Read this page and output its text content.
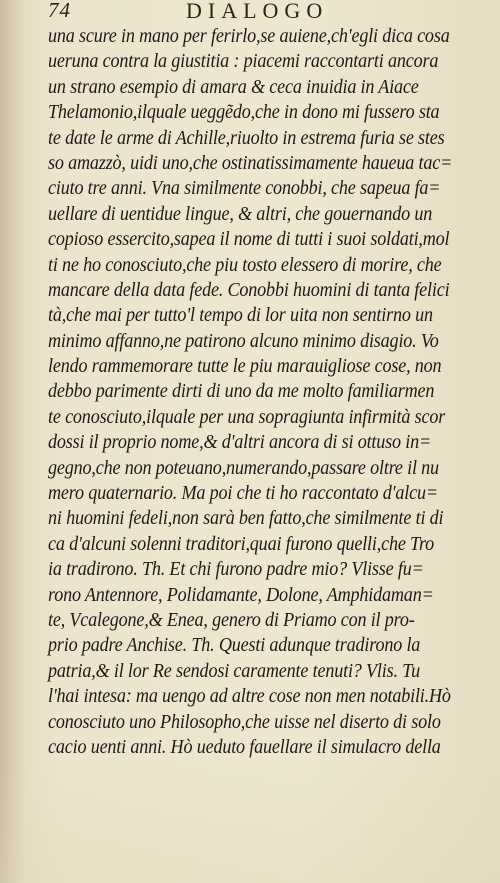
74	DIALOGO
una scure in mano per ferirlo,se auiene,ch'egli dica cosa
ueruna contra la giustitia : piacemi raccontarti ancora
un strano esempio di amara & ceca inuidia in Aiace
Thelamonio,ilquale ueggẽdo,che in dono mi fussero sta
te date le arme di Achille,riuolto in estrema furia se stes
so amazzò, uidi uno,che ostinatissimamente haueua tac=
ciuto tre anni. Vna similmente conobbi, che sapeua fa=
uellare di uentidue lingue, & altri, che gouernando un
copioso essercito,sapea il nome di tutti i suoi soldati,mol
ti ne ho conosciuto,che piu tosto elessero di morire, che
mancare della data fede. Conobbi huomini di tanta felici
tà,che mai per tutto'l tempo di lor uita non sentirno un
minimo affanno,ne patirono alcuno minimo disagio. Vo
lendo rammemorare tutte le piu marauigliose cose, non
debbo parimente dirti di uno da me molto familiarmen
te conosciuto,ilquale per una sopragiunta infirmità scor
dossi il proprio nome,& d'altri ancora di si ottuso in=
gegno,che non poteuano,numerando,passare oltre il nu
mero quaternario. Ma poi che ti ho raccontato d'alcu=
ni huomini fedeli,non sarà ben fatto,che similmente ti di
ca d'alcuni solenni traditori,quai furono quelli,che Tro
ia tradirono. Th. Et chi furono padre mio? Vlisse fu=
rono Antennore, Polidamante, Dolone, Amphidaman=
te, Vcalegone,& Enea, genero di Priamo con il pro-
prio padre Anchise. Th. Questi adunque tradirono la
patria,& il lor Re sendosi caramente tenuti? Vlis. Tu
l'hai intesa: ma uengo ad altre cose non men notabili.Hò
conosciuto uno Philosopho,che uisse nel diserto di solo
cacio uenti anni. Hò ueduto fauellare il simulacro della
